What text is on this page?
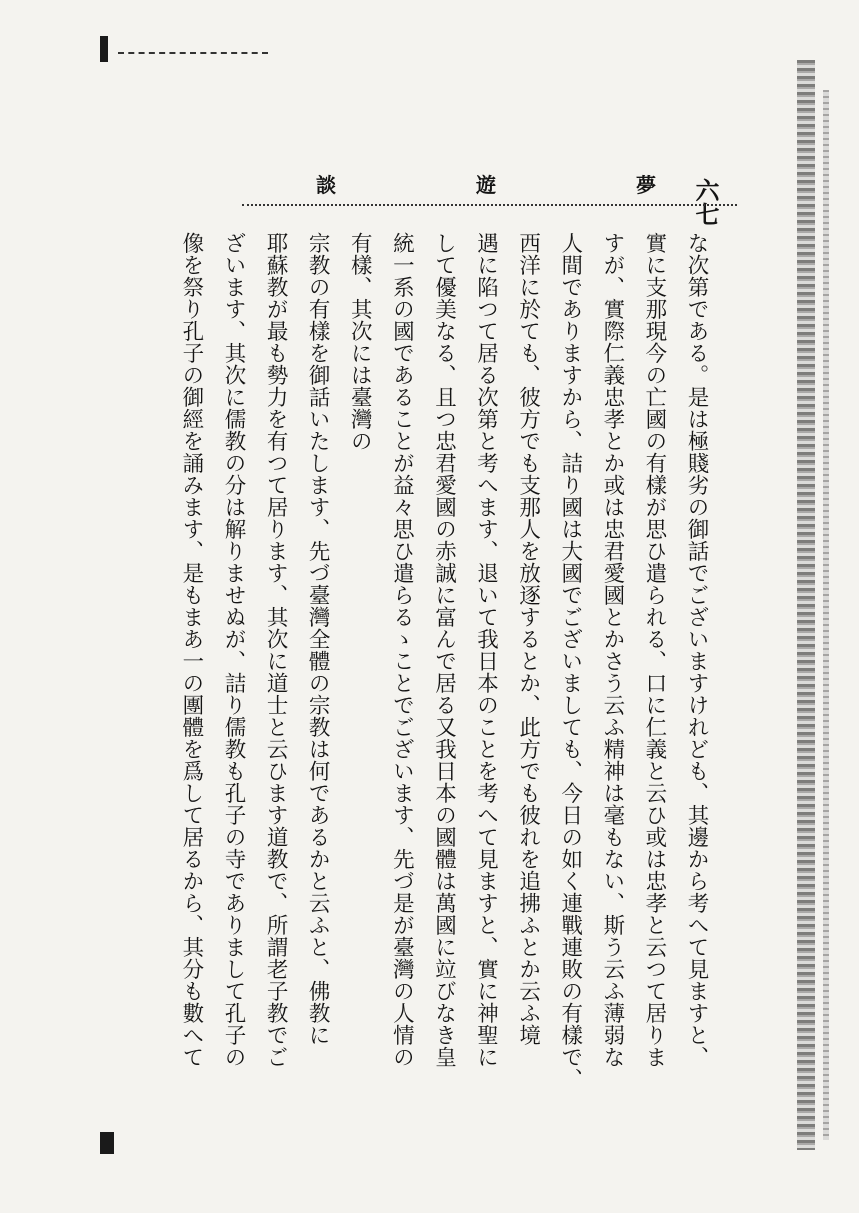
六七

夢
遊
談

な次第である。是は極賤劣の御話でございますけれども、其邊から考へて見ますと、

實に支那現今の亡國の有樣が思ひ遣られる、口に仁義と云ひ或は忠孝と云つて居りま

すが、實際仁義忠孝とか或は忠君愛國とかさう云ふ精神は毫もない、斯う云ふ薄弱な

人間でありますから、詰り國は大國でございましても、今日の如く連戰連敗の有樣で、

西洋に於ても、彼方でも支那人を放逐するとか、此方でも彼れを追拂ふとか云ふ境

遇に陷つて居る次第と考へます、退いて我日本のことを考へて見ますと、實に神聖に

して優美なる、且つ忠君愛國の赤誠に富んで居る又我日本の國體は萬國に竝びなき皇

統一系の國であることが益々思ひ遣らるゝことでございます、先づ是が臺灣の人情の

有樣、其次には臺灣の

宗教の有樣を御話いたします、先づ臺灣全體の宗教は何であるかと云ふと、佛教に

耶蘇教が最も勢力を有つて居ります、其次に道士と云ひます道教で、所謂老子教でご

ざいます、其次に儒教の分は解りませぬが、詰り儒教も孔子の寺でありまして孔子の

像を祭り孔子の御經を誦みます、是もまあ一の團體を爲して居るから、其分も數へて
